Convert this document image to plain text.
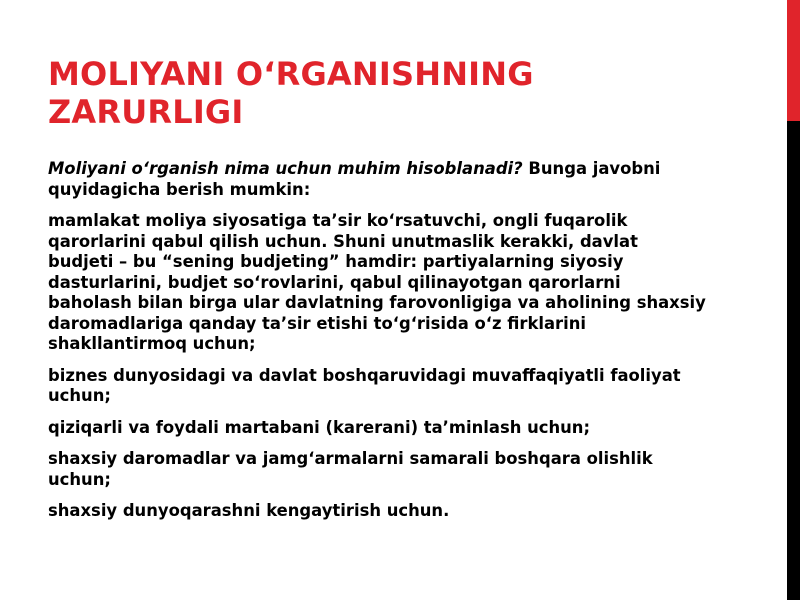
MOLIYANI O‘RGANISHNING
ZARURLIGI

Moliyani o‘rganish nima uchun muhim hisoblanadi? Bunga javobni quyidagicha berish mumkin:

mamlakat moliya siyosatiga ta’sir ko‘rsatuvchi, ongli fuqarolik qarorlarini qabul qilish uchun. Shuni unutmaslik kerakki, davlat budjeti – bu “sening budjeting” hamdir: partiyalarning siyosiy dasturlarini, budjet so‘rovlarini, qabul qilinayotgan qarorlarni baholash bilan birga ular davlatning farovonligiga va aholining shaxsiy daromadlariga qanday ta’sir etishi to‘g‘risida o‘z firklarini shakllantirmoq uchun;

biznes dunyosidagi va davlat boshqaruvidagi muvaffaqiyatli faoliyat uchun;

qiziqarli va foydali martabani (karerani) ta’minlash uchun;

shaxsiy daromadlar va jamg‘armalarni samarali boshqara olishlik uchun;

shaxsiy dunyoqarashni kengaytirish uchun.
